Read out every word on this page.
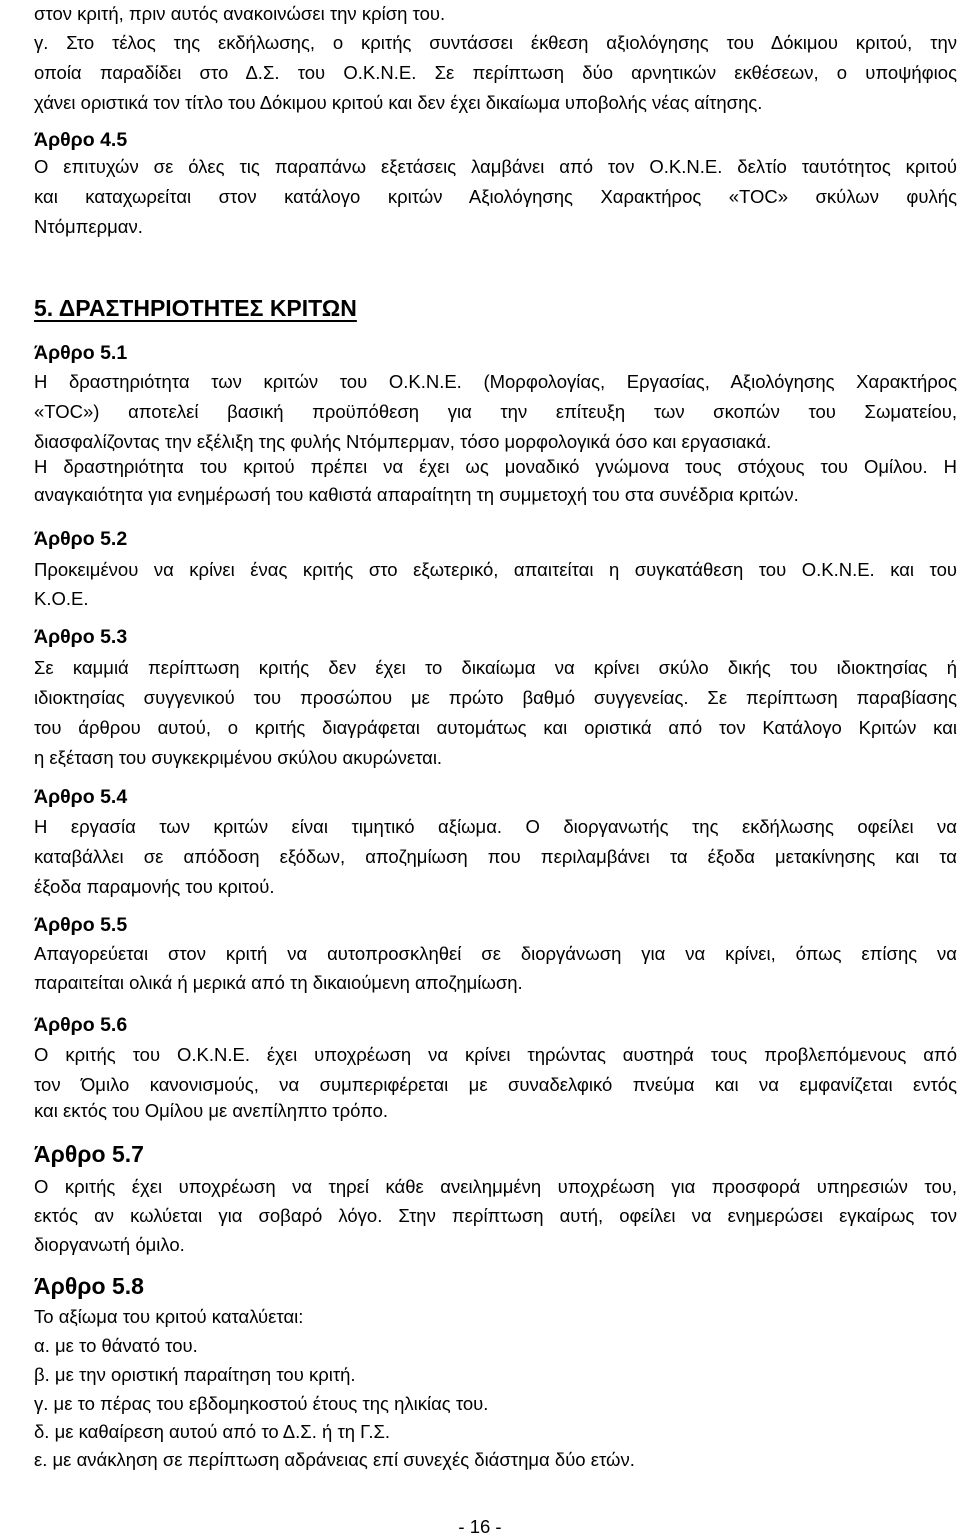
στον κριτή, πριν αυτός ανακοινώσει την κρίση του.
γ. Στο τέλος της εκδήλωσης, ο κριτής συντάσσει έκθεση αξιολόγησης του Δόκιμου κριτού, την
οποία παραδίδει στο Δ.Σ. του Ο.Κ.Ν.Ε. Σε περίπτωση δύο αρνητικών εκθέσεων, ο υποψήφιος
χάνει οριστικά τον τίτλο του Δόκιμου κριτού και δεν έχει δικαίωμα υποβολής νέας αίτησης.
Άρθρο 4.5
Ο επιτυχών σε όλες τις παραπάνω εξετάσεις λαμβάνει από τον Ο.Κ.Ν.Ε. δελτίο ταυτότητος κριτού
και καταχωρείται στον κατάλογο κριτών Αξιολόγησης Χαρακτήρος «ΤΟC» σκύλων φυλής
Ντόμπερμαν.
5. ΔΡΑΣΤΗΡΙΟΤΗΤΕΣ ΚΡΙΤΩΝ
Άρθρο 5.1
Η δραστηριότητα των κριτών του Ο.Κ.Ν.Ε. (Μορφολογίας, Εργασίας, Αξιολόγησης Χαρακτήρος
«ΤΟC») αποτελεί βασική προϋπόθεση για την επίτευξη των σκοπών του Σωματείου,
διασφαλίζοντας την εξέλιξη της φυλής Ντόμπερμαν, τόσο μορφολογικά όσο και εργασιακά.
Η δραστηριότητα του κριτού πρέπει να έχει ως μοναδικό γνώμονα τους στόχους του Ομίλου. Η
αναγκαιότητα για ενημέρωσή του καθιστά απαραίτητη τη συμμετοχή του στα συνέδρια κριτών.
Άρθρο 5.2
Προκειμένου να κρίνει ένας κριτής στο εξωτερικό, απαιτείται η συγκατάθεση του Ο.Κ.Ν.Ε. και του
Κ.Ο.Ε.
Άρθρο 5.3
Σε καμμιά περίπτωση κριτής δεν έχει το δικαίωμα να κρίνει σκύλο δικής του ιδιοκτησίας ή
ιδιοκτησίας συγγενικού του προσώπου με πρώτο βαθμό συγγενείας. Σε περίπτωση παραβίασης
του άρθρου αυτού, ο κριτής διαγράφεται αυτομάτως και οριστικά από τον Κατάλογο Κριτών και
η εξέταση του συγκεκριμένου σκύλου ακυρώνεται.
Άρθρο 5.4
Η εργασία των κριτών είναι τιμητικό αξίωμα. Ο διοργανωτής της εκδήλωσης οφείλει να
καταβάλλει σε απόδοση εξόδων, αποζημίωση που περιλαμβάνει τα έξοδα μετακίνησης και τα
έξοδα παραμονής του κριτού.
Άρθρο 5.5
Απαγορεύεται στον κριτή να αυτοπροσκληθεί σε διοργάνωση για να κρίνει, όπως επίσης να
παραιτείται ολικά ή μερικά από τη δικαιούμενη αποζημίωση.
Άρθρο 5.6
Ο κριτής του Ο.Κ.Ν.Ε. έχει υποχρέωση να κρίνει τηρώντας αυστηρά τους προβλεπόμενους από
τον Όμιλο κανονισμούς, να συμπεριφέρεται με συναδελφικό πνεύμα και να εμφανίζεται εντός
και εκτός του Ομίλου με ανεπίληπτο τρόπο.
Άρθρο 5.7
Ο κριτής έχει υποχρέωση να τηρεί κάθε ανειλημμένη υποχρέωση για προσφορά υπηρεσιών του,
εκτός αν κωλύεται για σοβαρό λόγο. Στην περίπτωση αυτή, οφείλει να ενημερώσει εγκαίρως τον
διοργανωτή όμιλο.
Άρθρο 5.8
Το αξίωμα του κριτού καταλύεται:
α. με το θάνατό του.
β. με την οριστική παραίτηση του κριτή.
γ. με το πέρας του εβδομηκοστού έτους της ηλικίας του.
δ. με καθαίρεση αυτού από το Δ.Σ. ή τη Γ.Σ.
ε. με ανάκληση σε περίπτωση αδράνειας επί συνεχές διάστημα δύο ετών.
- 16 -
